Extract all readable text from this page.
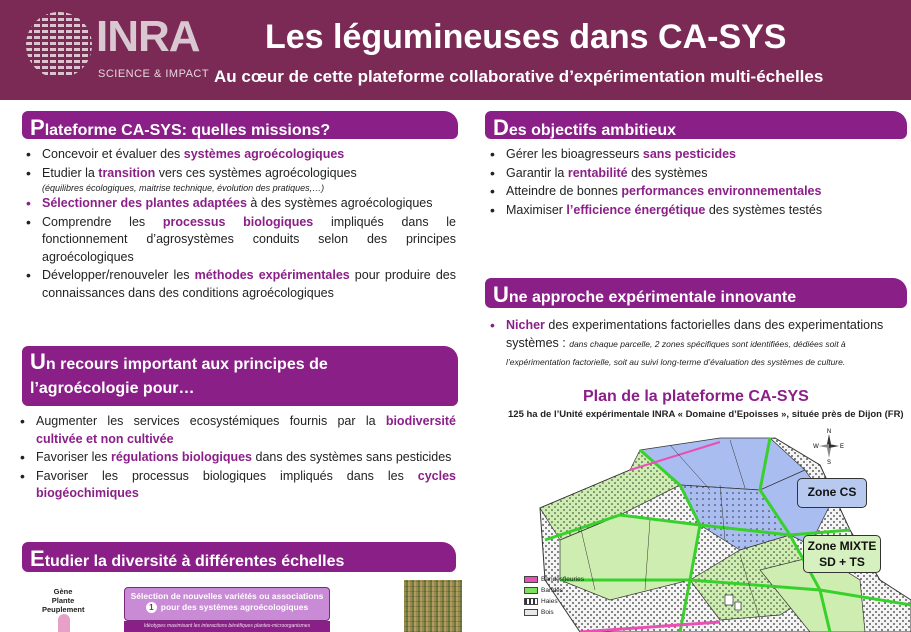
INRA
SCIENCE & IMPACT
Les légumineuses dans CA-SYS
Au cœur de cette plateforme collaborative d’expérimentation multi-échelles
Plateforme CA-SYS: quelles missions?
• Concevoir et évaluer des systèmes agroécologiques
• Etudier la transition vers ces systèmes agroécologiques
(équilibres écologiques, maitrise technique, évolution des pratiques,…)
• Sélectionner des plantes adaptées à des systèmes agroécologiques
• Comprendre les processus biologiques impliqués dans le fonctionnement d’agrosystèmes conduits selon des principes agroécologiques
• Développer/renouveler les méthodes expérimentales pour produire des connaissances dans des conditions agroécologiques
Des objectifs ambitieux
• Gérer les bioagresseurs sans pesticides
• Garantir la rentabilité des systèmes
• Atteindre de bonnes performances environnementales
• Maximiser l’efficience énergétique des systèmes testés
Un recours important aux principes de
l’agroécologie pour…
• Augmenter les services ecosystémiques fournis par la biodiversité cultivée et non cultivée
• Favoriser les régulations biologiques dans des systèmes sans pesticides
• Favoriser les processus biologiques impliqués dans les cycles biogéochimiques
Une approche expérimentale innovante
• Nicher des experimentations factorielles dans des experimentations systèmes : dans chaque parcelle, 2 zones spécifiques sont identifiées, dédiées soit à l’expérimentation factorielle, soit au suivi long-terme d’évaluation des systèmes de culture.
Plan de la plateforme CA-SYS
125 ha de l’Unité expérimentale INRA « Domaine d’Epoisses », située près de Dijon (FR)
N
S
W	E
Bandesfleuries
Bandes
Haies
Bois
Zone CS
Zone MIXTE
SD + TS
Etudier la diversité à différentes échelles
Gène
Plante
Peuplement
Sélection de nouvelles variétés ou associations
1 pour des systèmes agroécologiques
Idéotypes maximisant les interactions bénéfiques plantes-microorganismes
